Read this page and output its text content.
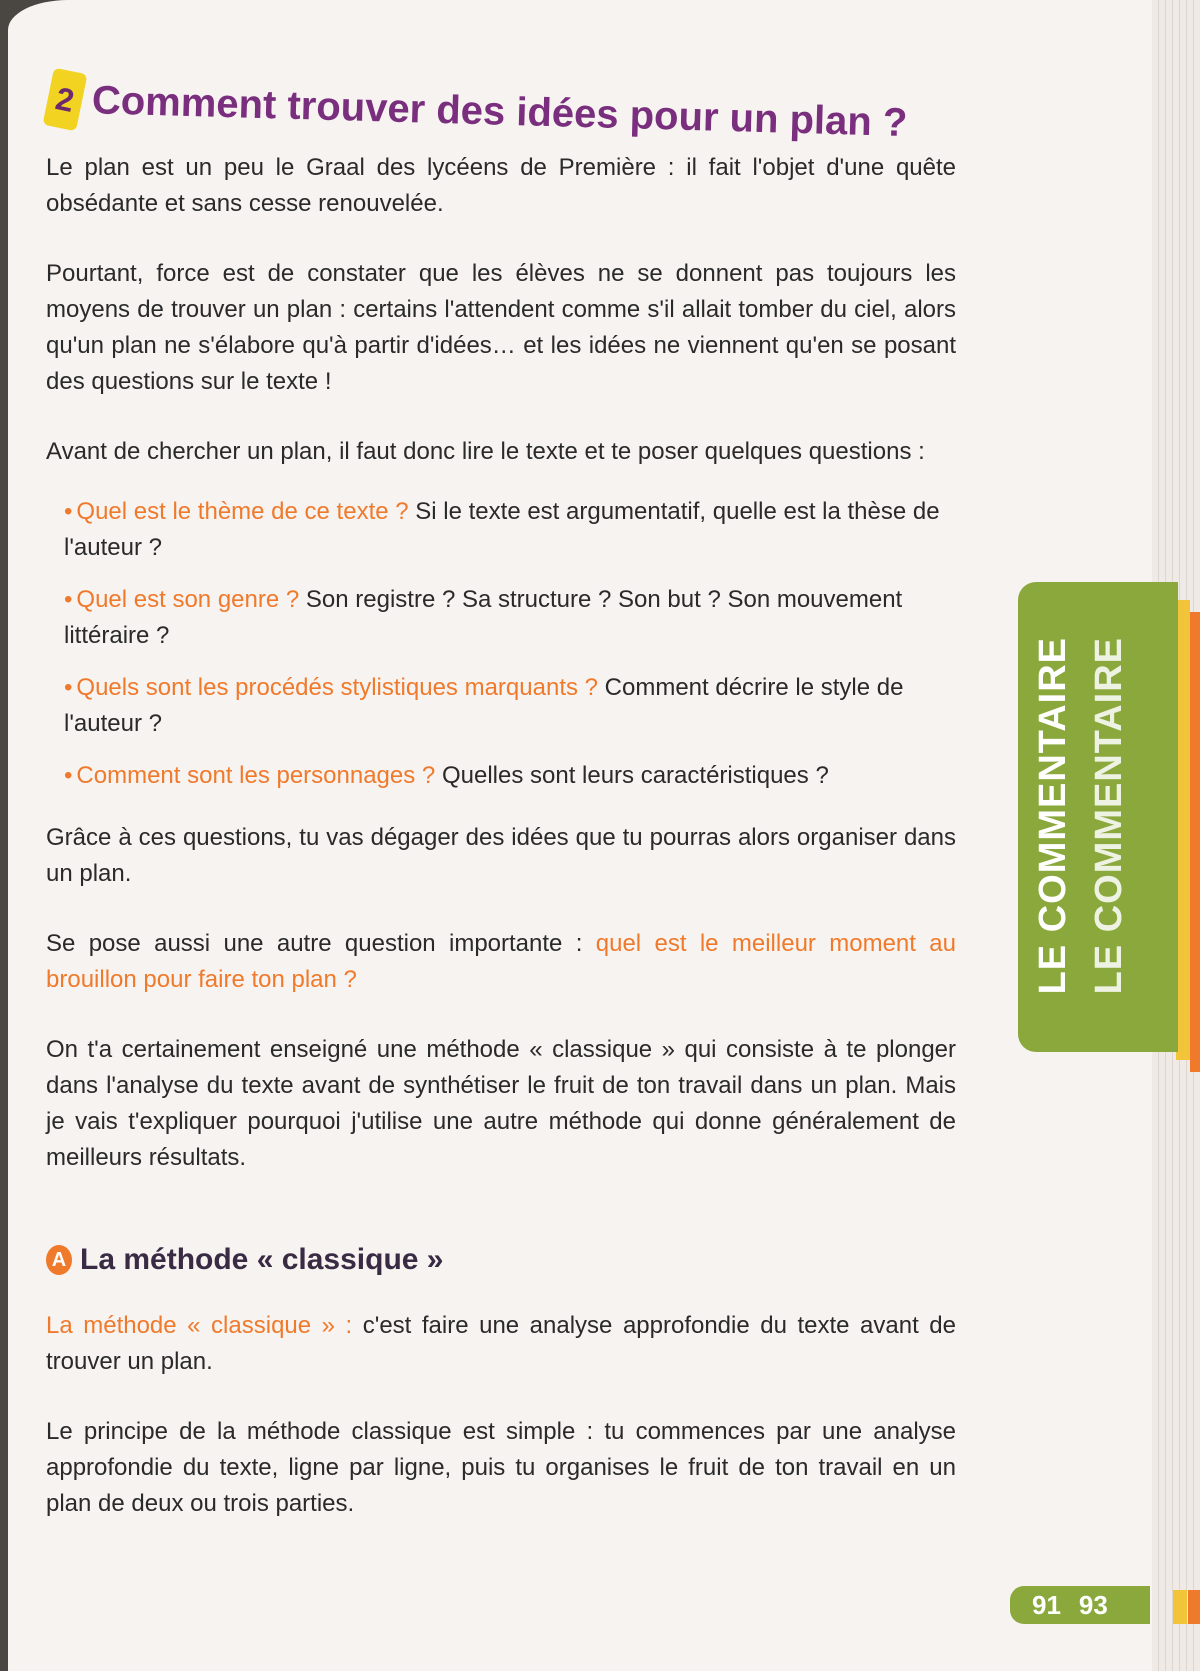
2 Comment trouver des idées pour un plan ?

Le plan est un peu le Graal des lycéens de Première : il fait l'objet d'une quête obsédante et sans cesse renouvelée.

Pourtant, force est de constater que les élèves ne se donnent pas toujours les moyens de trouver un plan : certains l'attendent comme s'il allait tomber du ciel, alors qu'un plan ne s'élabore qu'à partir d'idées… et les idées ne viennent qu'en se posant des questions sur le texte !

Avant de chercher un plan, il faut donc lire le texte et te poser quelques questions :

• Quel est le thème de ce texte ? Si le texte est argumentatif, quelle est la thèse de l'auteur ?
• Quel est son genre ? Son registre ? Sa structure ? Son but ? Son mouvement littéraire ?
• Quels sont les procédés stylistiques marquants ? Comment décrire le style de l'auteur ?
• Comment sont les personnages ? Quelles sont leurs caractéristiques ?

Grâce à ces questions, tu vas dégager des idées que tu pourras alors organiser dans un plan.

Se pose aussi une autre question importante : quel est le meilleur moment au brouillon pour faire ton plan ?

On t'a certainement enseigné une méthode « classique » qui consiste à te plonger dans l'analyse du texte avant de synthétiser le fruit de ton travail dans un plan. Mais je vais t'expliquer pourquoi j'utilise une autre méthode qui donne généralement de meilleurs résultats.

A La méthode « classique »

La méthode « classique » : c'est faire une analyse approfondie du texte avant de trouver un plan.

Le principe de la méthode classique est simple : tu commences par une analyse approfondie du texte, ligne par ligne, puis tu organises le fruit de ton travail en un plan de deux ou trois parties.

LE COMMENTAIRE LE COMMENTAIRE
91 93
